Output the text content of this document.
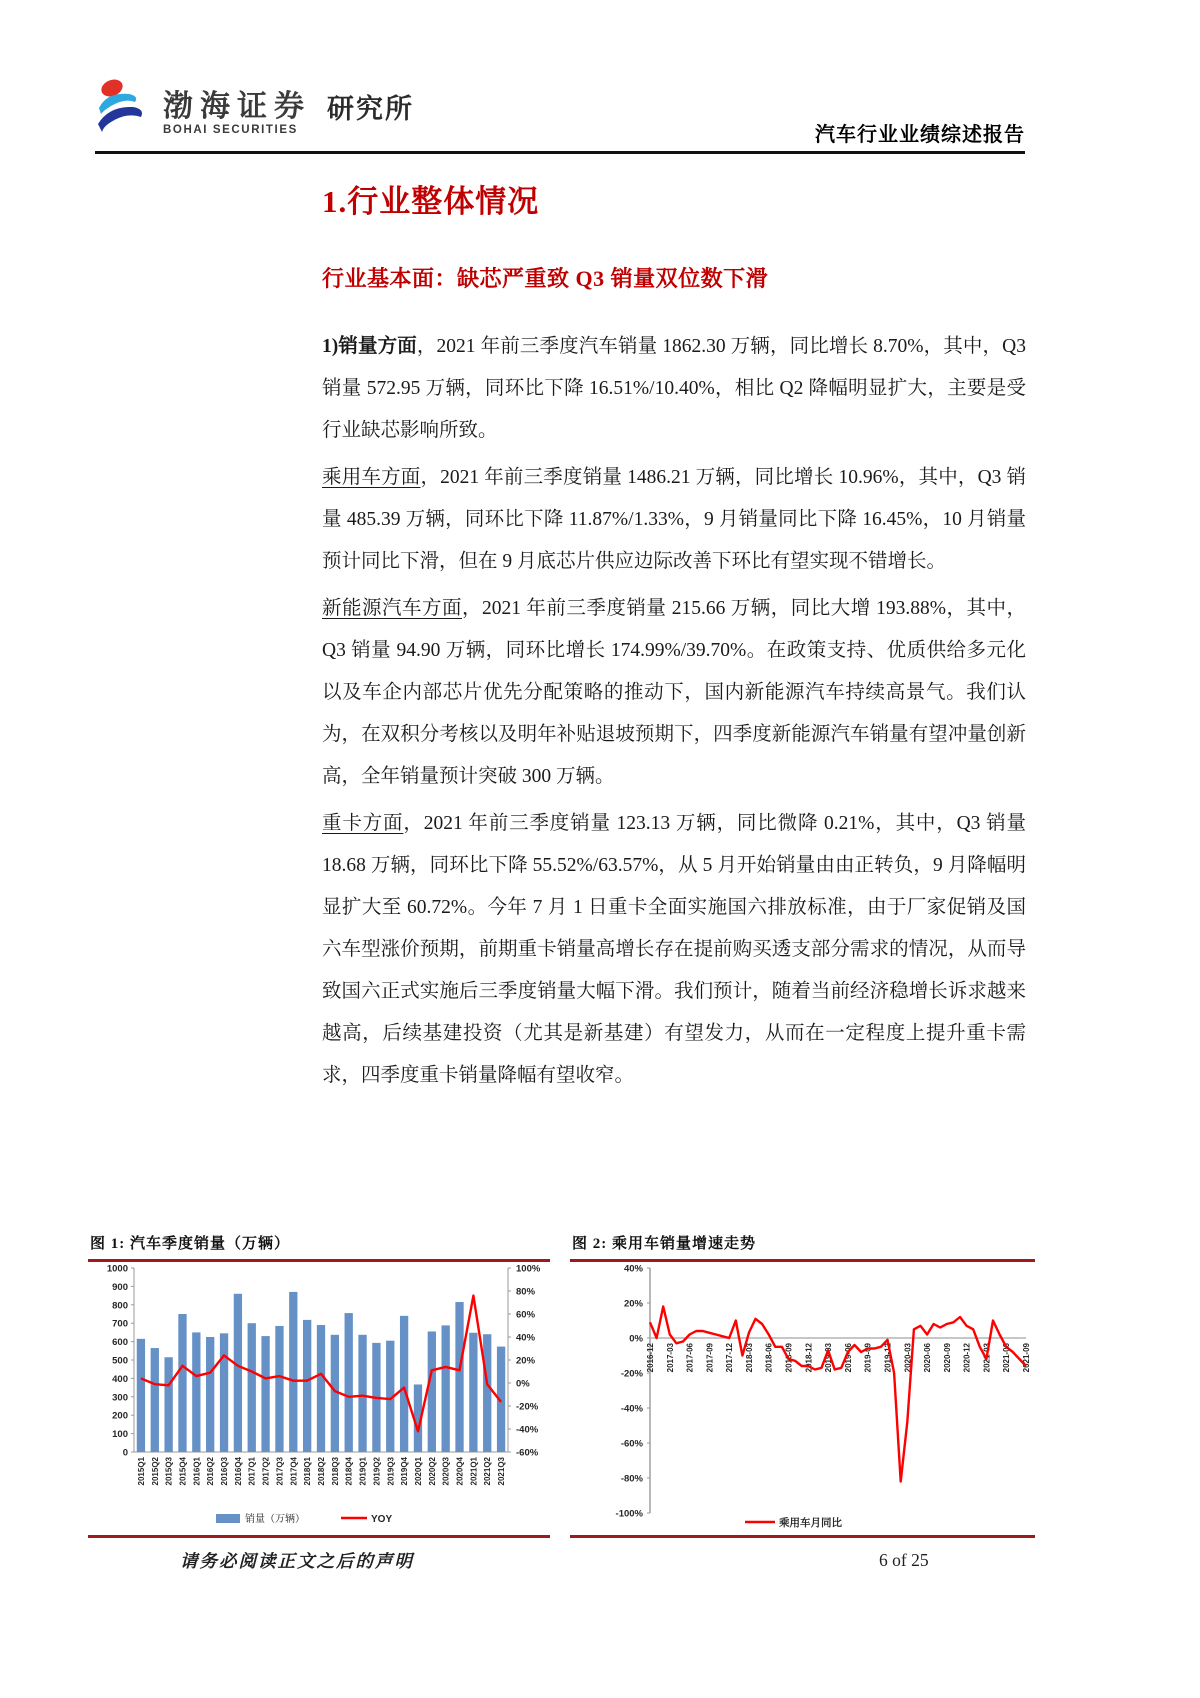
渤海证券
BOHAI SECURITIES
研究所
汽车行业业绩综述报告
1.行业整体情况
行业基本面：缺芯严重致 Q3 销量双位数下滑

1)销量方面，2021 年前三季度汽车销量 1862.30 万辆，同比增长 8.70%，其中，Q3 销量 572.95 万辆，同环比下降 16.51%/10.40%，相比 Q2 降幅明显扩大，主要是受行业缺芯影响所致。

乘用车方面，2021 年前三季度销量 1486.21 万辆，同比增长 10.96%，其中，Q3 销量 485.39 万辆，同环比下降 11.87%/1.33%，9 月销量同比下降 16.45%，10 月销量预计同比下滑，但在 9 月底芯片供应边际改善下环比有望实现不错增长。

新能源汽车方面，2021 年前三季度销量 215.66 万辆，同比大增 193.88%，其中，Q3 销量 94.90 万辆，同环比增长 174.99%/39.70%。在政策支持、优质供给多元化以及车企内部芯片优先分配策略的推动下，国内新能源汽车持续高景气。我们认为，在双积分考核以及明年补贴退坡预期下，四季度新能源汽车销量有望冲量创新高，全年销量预计突破 300 万辆。

重卡方面，2021 年前三季度销量 123.13 万辆，同比微降 0.21%，其中，Q3 销量 18.68 万辆，同环比下降 55.52%/63.57%，从 5 月开始销量由由正转负，9 月降幅明显扩大至 60.72%。今年 7 月 1 日重卡全面实施国六排放标准，由于厂家促销及国六车型涨价预期，前期重卡销量高增长存在提前购买透支部分需求的情况，从而导致国六正式实施后三季度销量大幅下滑。我们预计，随着当前经济稳增长诉求越来越高，后续基建投资（尤其是新基建）有望发力，从而在一定程度上提升重卡需求，四季度重卡销量降幅有望收窄。

图 1: 汽车季度销量（万辆）
0
100
200
300
400
500
600
700
800
900
1000
-60%
-40%
-20%
0%
20%
40%
60%
80%
100%
2015Q1 2015Q2 2015Q3 2015Q4 2016Q1 2016Q2 2016Q3 2016Q4 2017Q1 2017Q2 2017Q3 2017Q4 2018Q1 2018Q2 2018Q3 2018Q4 2019Q1 2019Q2 2019Q3 2019Q4 2020Q1 2020Q2 2020Q3 2020Q4 2021Q1 2021Q2 2021Q3
销量（万辆）	YOY
图 2: 乘用车销量增速走势
40%
20%
0%
-20%
-40%
-60%
-80%
-100%
2016-12 2017-03 2017-06 2017-09 2017-12 2018-03 2018-06 2018-09 2018-12 2019-03 2019-06 2019-09 2019-12 2020-03 2020-06 2020-09 2020-12 2021-03 2021-06 2021-09
乘用车月同比
请务必阅读正文之后的声明	6 of 25
